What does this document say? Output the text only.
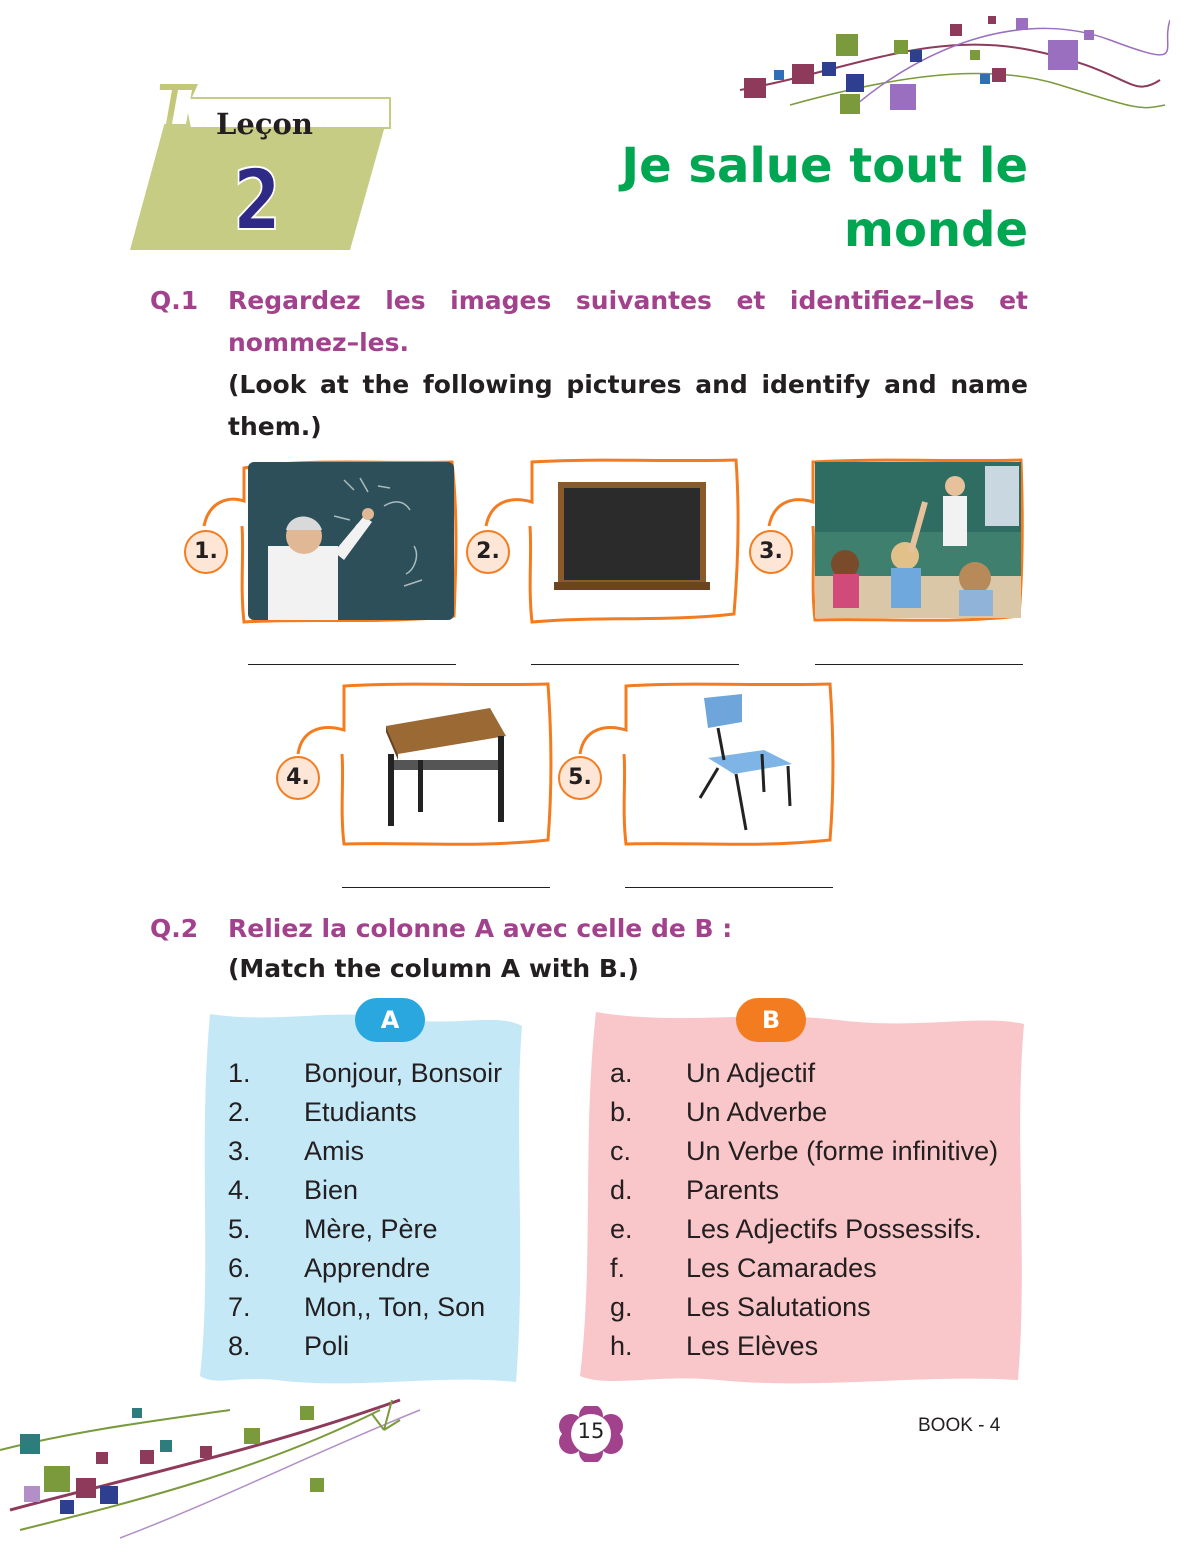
Leçon
2	Je salue tout le
monde
Q.1 Regardez les images suivantes et identifiez–les et nommez–les.
(Look at the following pictures and identify and name them.)
1.	2.	3.
4.	5.
Q.2 Reliez la colonne A avec celle de B :
(Match the column A with B.)
A
1. Bonjour, Bonsoir
2. Etudiants
3. Amis
4. Bien
5. Mère, Père
6. Apprendre
7. Mon,, Ton, Son
8. Poli
B
a. Un Adjectif
b. Un Adverbe
c. Un Verbe (forme infinitive)
d. Parents
e. Les Adjectifs Possessifs.
f. Les Camarades
g. Les Salutations
h. Les Elèves
15	BOOK - 4
